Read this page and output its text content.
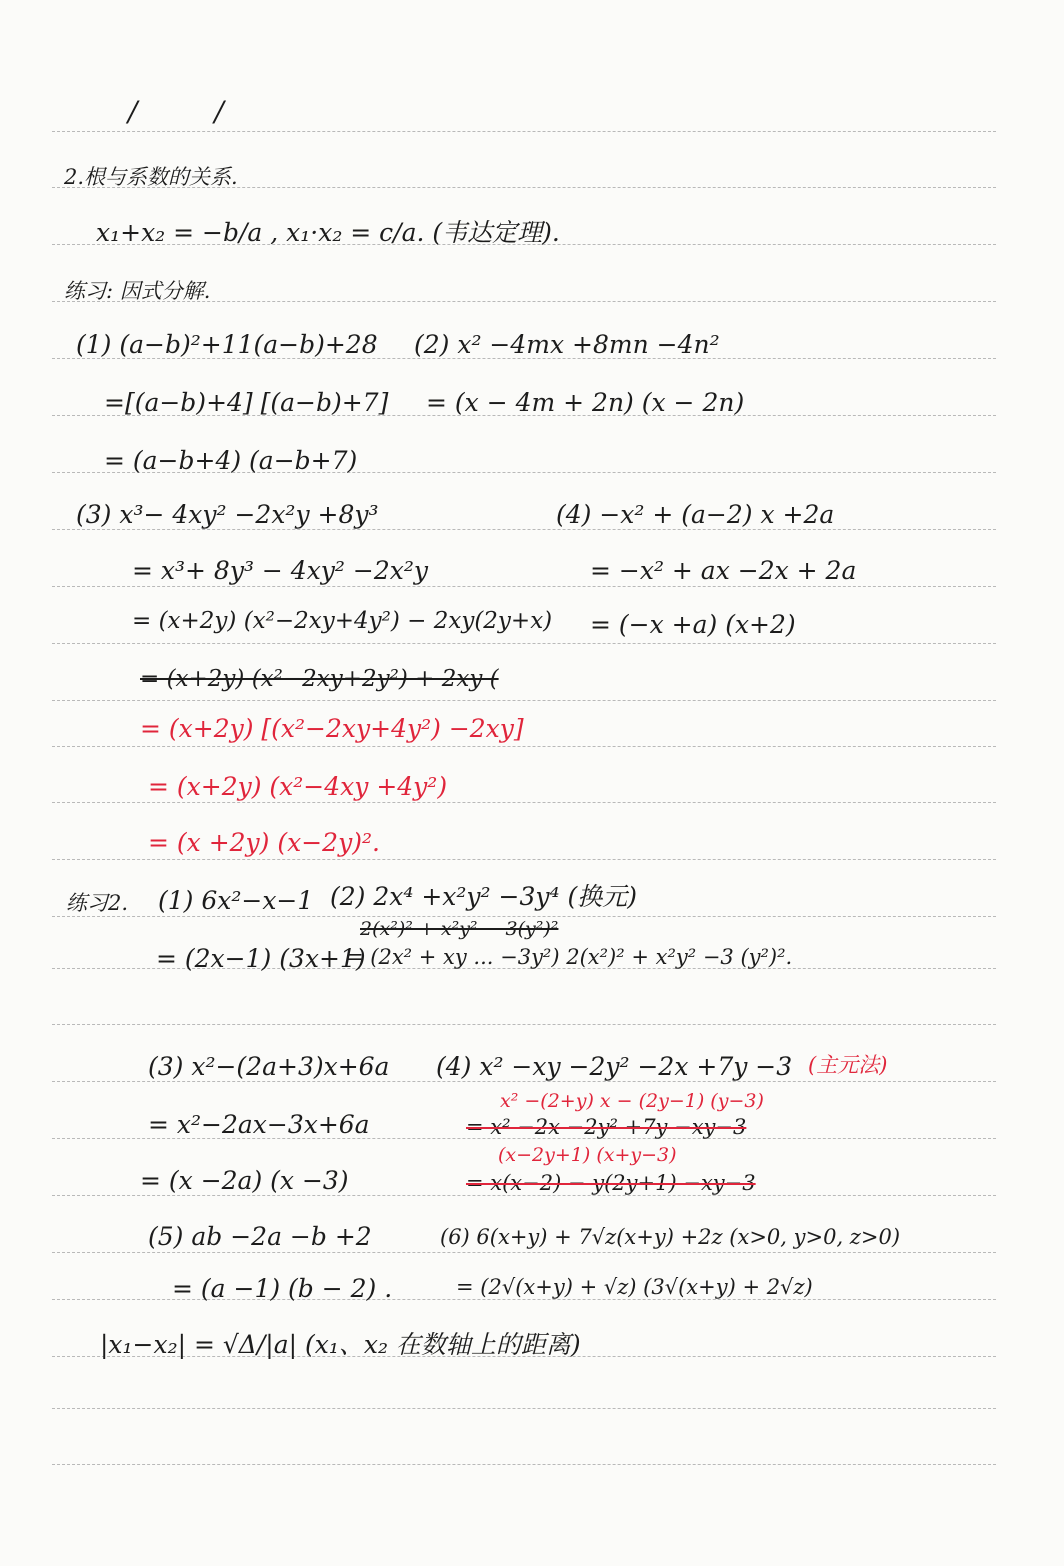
/ /
2.根与系数的关系.
x₁+x₂ = −b/a , x₁·x₂ = c/a. (韦达定理).
练习: 因式分解.
(1) (a−b)²+11(a−b)+28
=[(a−b)+4] [(a−b)+7]
= (a−b+4) (a−b+7)
(2) x² −4mx +8mn −4n²
= (x − 4m + 2n) (x − 2n)
(3) x³− 4xy² −2x²y +8y³
= x³+ 8y³ − 4xy² −2x²y
= (x+2y) (x²−2xy+4y²) − 2xy(2y+x)
= (x+2y) (x²−2xy+2y²) + 2xy (
= (x+2y) [(x²−2xy+4y²) −2xy]
= (x+2y) (x²−4xy +4y²)
= (x +2y) (x−2y)².
(4) −x² + (a−2) x +2a
= −x² + ax −2x + 2a
= (−x +a) (x+2)
练习2. (1) 6x²−x−1
= (2x−1) (3x+1)
(2) 2x⁴ +x²y² −3y⁴ (换元)
2(x²)² + x²y² − 3(y²)²
= (2x² + xy ... −3y²) 2(x²)² + x²y² −3 (y²)².
(3) x²−(2a+3)x+6a
= x²−2ax−3x+6a
= (x −2a) (x −3)
(4) x² −xy −2y² −2x +7y −3 (主元法)
x² −(2+y) x − (2y−1) (y−3)
= x² −2x −2y² +7y −xy−3
(x−2y+1) (x+y−3)
= x(x−2) − y(2y+1) −xy−3
(5) ab −2a −b +2
= (a −1) (b − 2) .
(6) 6(x+y) + 7√z(x+y) +2z (x>0, y>0, z>0)
= (2√(x+y) + √z) (3√(x+y) + 2√z)
|x₁−x₂| = √Δ/|a| (x₁、x₂ 在数轴上的距离)
